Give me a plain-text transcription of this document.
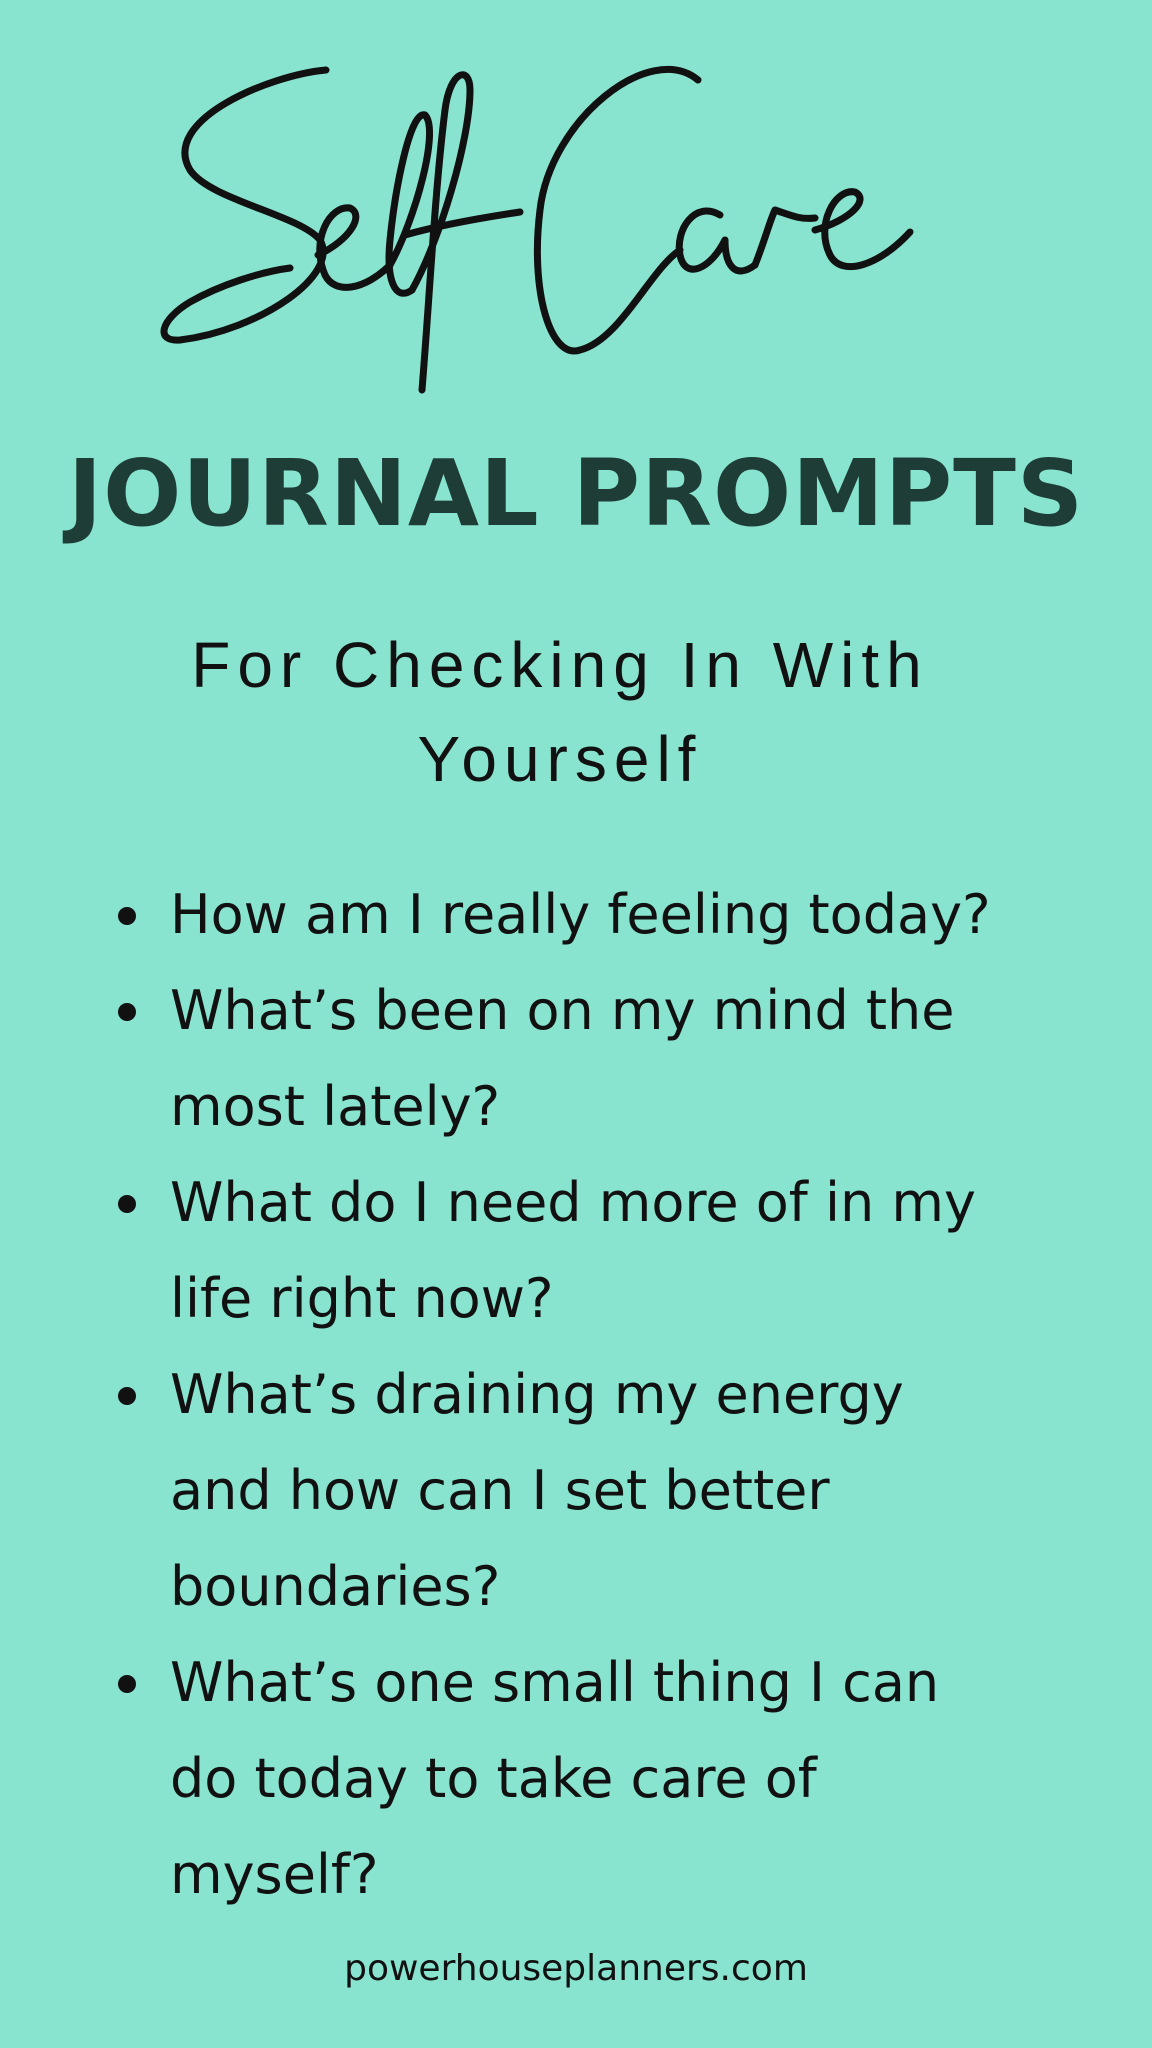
JOURNAL PROMPTS
For Checking In With
Yourself
How am I really feeling today?
What’s been on my mind the
most lately?
What do I need more of in my
life right now?
What’s draining my energy
and how can I set better
boundaries?
What’s one small thing I can
do today to take care of
myself?
powerhouseplanners.com
